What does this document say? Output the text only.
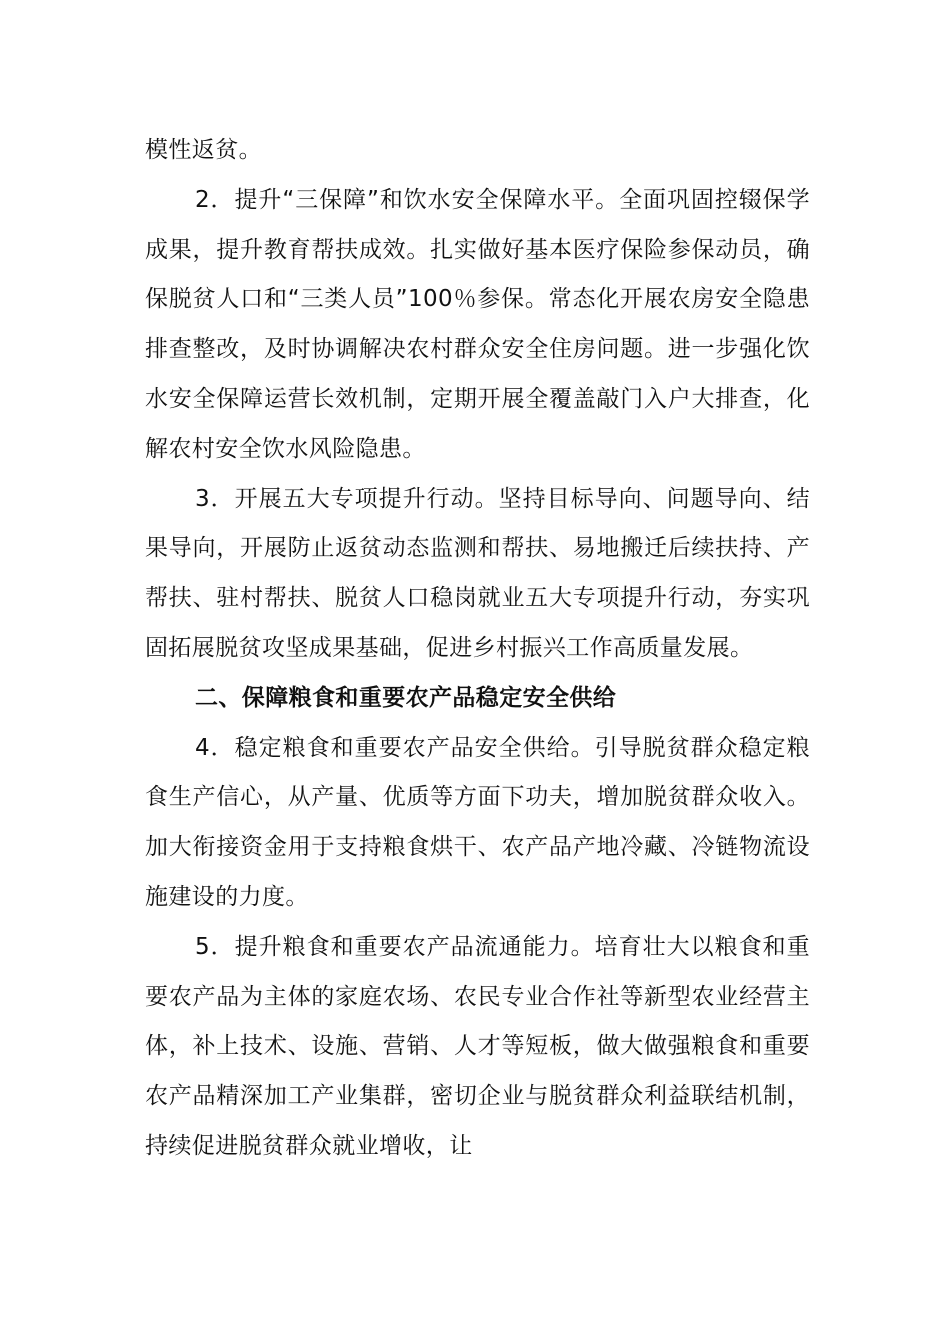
模性返贫。

2．提升“三保障”和饮水安全保障水平。全面巩固控辍保学成果，提升教育帮扶成效。扎实做好基本医疗保险参保动员，确保脱贫人口和“三类人员”100％参保。常态化开展农房安全隐患排查整改，及时协调解决农村群众安全住房问题。进一步强化饮水安全保障运营长效机制，定期开展全覆盖敲门入户大排查，化解农村安全饮水风险隐患。

3．开展五大专项提升行动。坚持目标导向、问题导向、结果导向，开展防止返贫动态监测和帮扶、易地搬迁后续扶持、产帮扶、驻村帮扶、脱贫人口稳岗就业五大专项提升行动，夯实巩固拓展脱贫攻坚成果基础，促进乡村振兴工作高质量发展。

二、保障粮食和重要农产品稳定安全供给

4．稳定粮食和重要农产品安全供给。引导脱贫群众稳定粮食生产信心，从产量、优质等方面下功夫，增加脱贫群众收入。加大衔接资金用于支持粮食烘干、农产品产地冷藏、冷链物流设施建设的力度。

5．提升粮食和重要农产品流通能力。培育壮大以粮食和重要农产品为主体的家庭农场、农民专业合作社等新型农业经营主体，补上技术、设施、营销、人才等短板，做大做强粮食和重要农产品精深加工产业集群，密切企业与脱贫群众利益联结机制，持续促进脱贫群众就业增收，让
